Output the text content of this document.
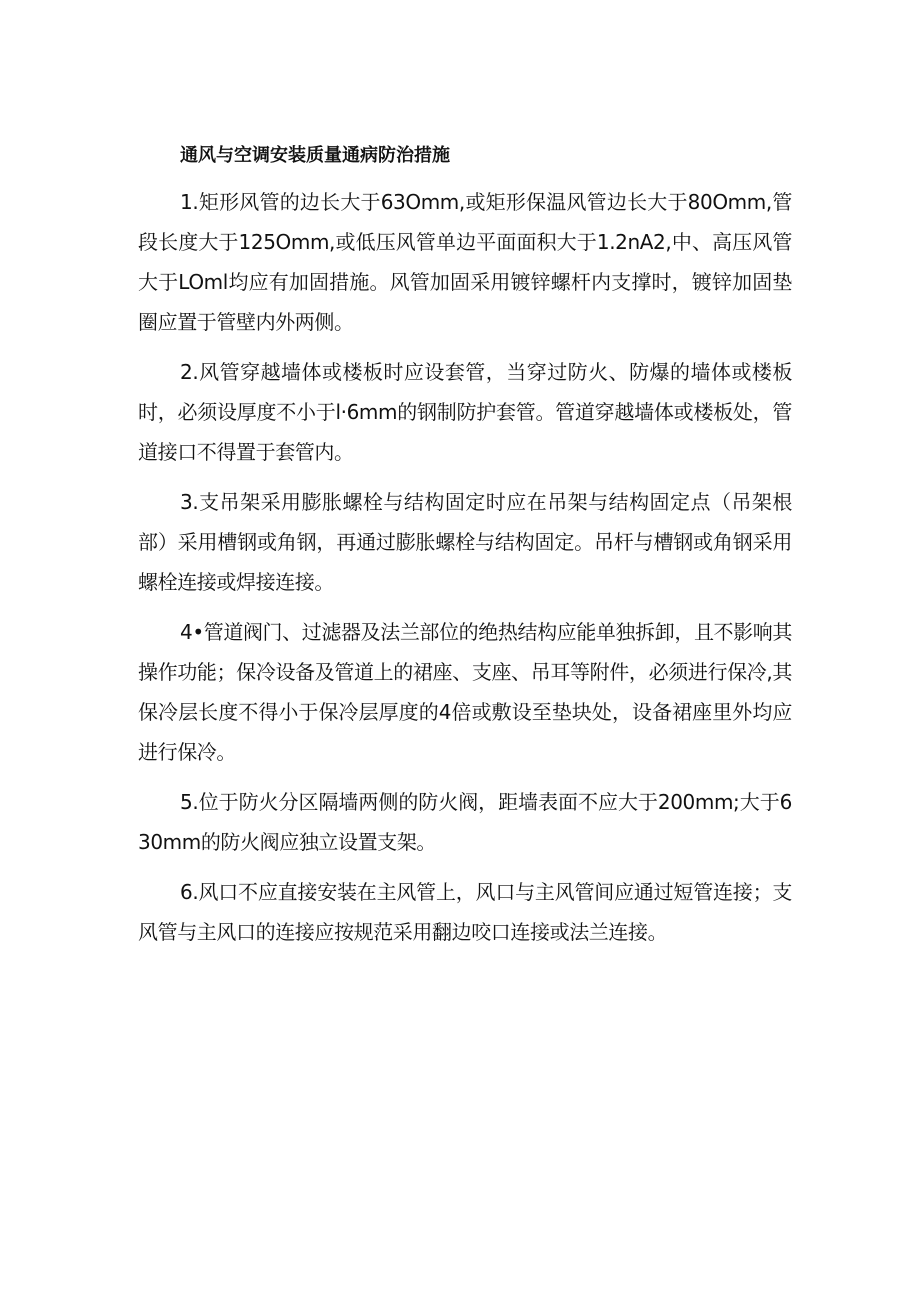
通风与空调安装质量通病防治措施

1.矩形风管的边长大于63Omm,或矩形保温风管边长大于80Omm,管段长度大于125Omm,或低压风管单边平面面积大于1.2nA2,中、高压风管大于LOml均应有加固措施。风管加固采用镀锌螺杆内支撑时，镀锌加固垫圈应置于管壁内外两侧。

2.风管穿越墙体或楼板时应设套管，当穿过防火、防爆的墙体或楼板时，必须设厚度不小于l·6mm的钢制防护套管。管道穿越墙体或楼板处，管道接口不得置于套管内。

3.支吊架采用膨胀螺栓与结构固定时应在吊架与结构固定点（吊架根部）采用槽钢或角钢，再通过膨胀螺栓与结构固定。吊杆与槽钢或角钢采用螺栓连接或焊接连接。

4•管道阀门、过滤器及法兰部位的绝热结构应能单独拆卸，且不影响其操作功能；保冷设备及管道上的裙座、支座、吊耳等附件，必须进行保冷,其保冷层长度不得小于保冷层厚度的4倍或敷设至垫块处，设备裙座里外均应进行保冷。

5.位于防火分区隔墙两侧的防火阀，距墙表面不应大于200mm;大于630mm的防火阀应独立设置支架。

6.风口不应直接安装在主风管上，风口与主风管间应通过短管连接；支风管与主风口的连接应按规范采用翻边咬口连接或法兰连接。
